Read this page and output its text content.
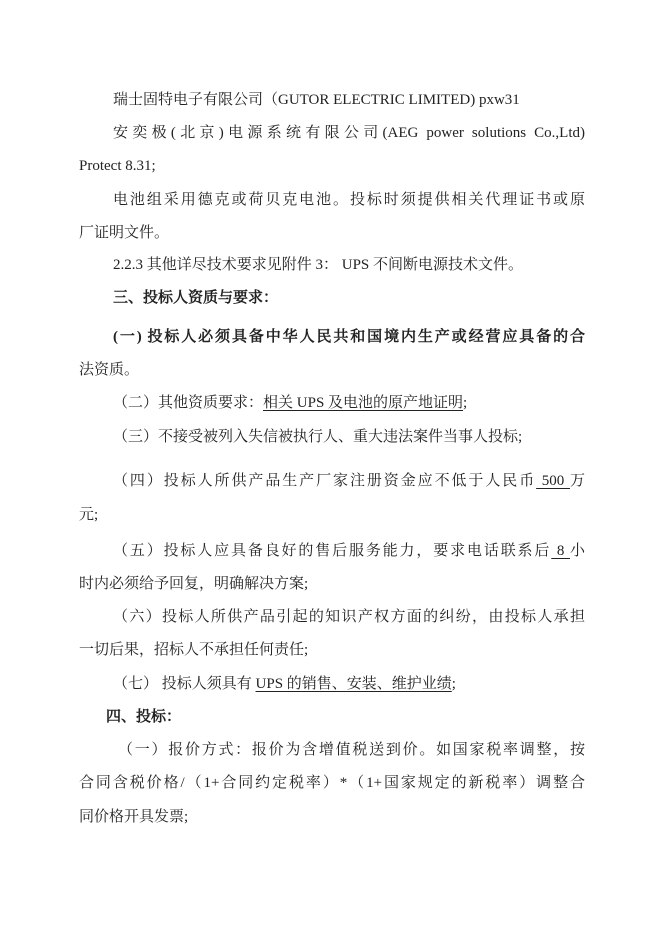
瑞士固特电子有限公司（GUTOR ELECTRIC LIMITED) pxw31
安奕极(北京)电源系统有限公司(AEG power solutions Co.,Ltd)
Protect 8.31;
电池组采用德克或荷贝克电池。投标时须提供相关代理证书或原
厂证明文件。
2.2.3 其他详尽技术要求见附件 3： UPS 不间断电源技术文件。
三、投标人资质与要求：
(一) 投标人必须具备中华人民共和国境内生产或经营应具备的合
法资质。
（二）其他资质要求：相关 UPS 及电池的原产地证明;
（三）不接受被列入失信被执行人、重大违法案件当事人投标;
（四）投标人所供产品生产厂家注册资金应不低于人民币 500 万
元;
（五）投标人应具备良好的售后服务能力，要求电话联系后 8 小
时内必须给予回复，明确解决方案;
（六）投标人所供产品引起的知识产权方面的纠纷，由投标人承担
一切后果，招标人不承担任何责任;
（七） 投标人须具有 UPS 的销售、安装、维护业绩;
四、投标：
（一）报价方式：报价为含增值税送到价。如国家税率调整，按
合同含税价格/（1+合同约定税率）*（1+国家规定的新税率）调整合
同价格开具发票;
